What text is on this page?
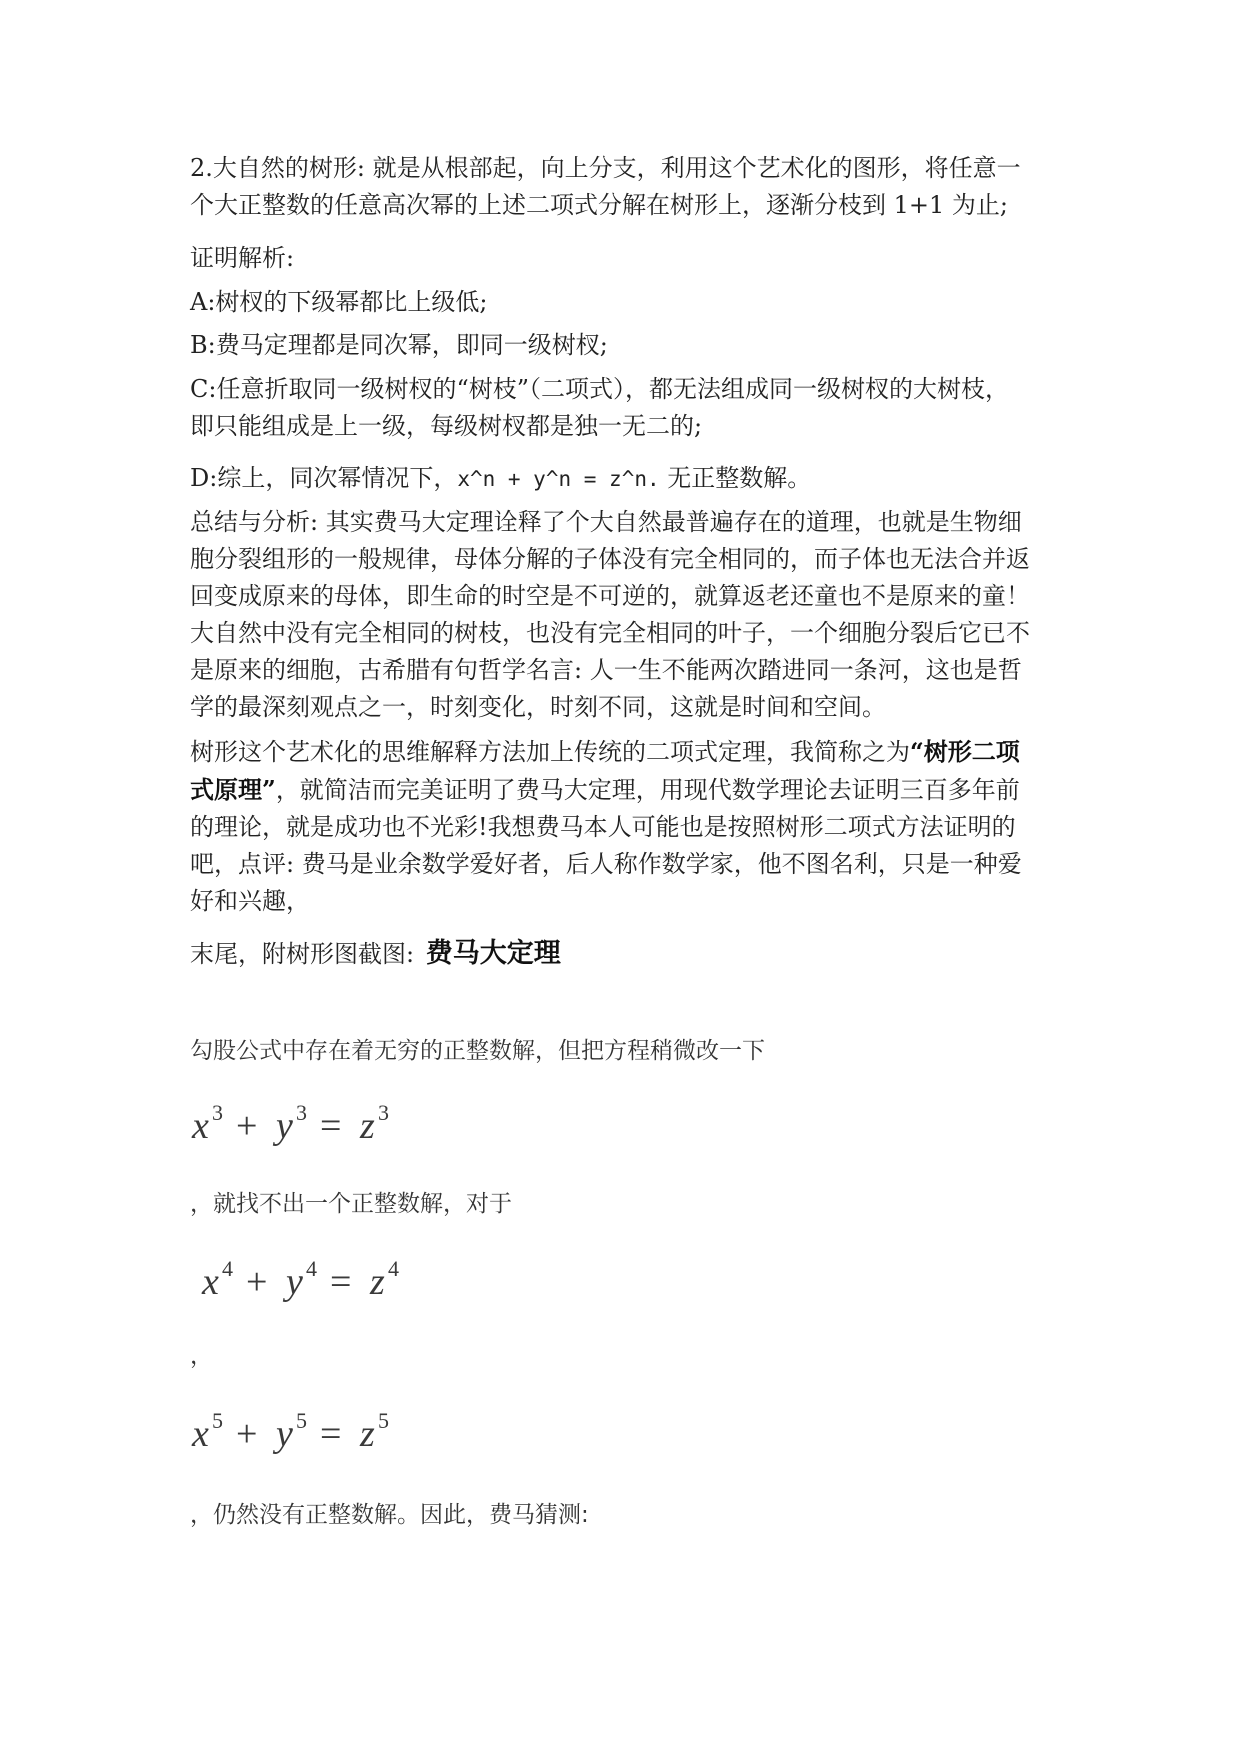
2.大自然的树形: 就是从根部起，向上分支，利用这个艺术化的图形，将任意一
个大正整数的任意高次幂的上述二项式分解在树形上，逐渐分枝到 1+1 为止;

证明解析:

A:树杈的下级幂都比上级低;

B:费马定理都是同次幂，即同一级树杈;

C:任意折取同一级树杈的“树枝”（二项式），都无法组成同一级树杈的大树枝，
即只能组成是上一级，每级树杈都是独一无二的;

D:综上，同次幂情况下，x^n + y^n = z^n. 无正整数解。

总结与分析: 其实费马大定理诠释了个大自然最普遍存在的道理，也就是生物细
胞分裂组形的一般规律，母体分解的子体没有完全相同的，而子体也无法合并返
回变成原来的母体，即生命的时空是不可逆的，就算返老还童也不是原来的童！
大自然中没有完全相同的树枝，也没有完全相同的叶子，一个细胞分裂后它已不
是原来的细胞，古希腊有句哲学名言: 人一生不能两次踏进同一条河，这也是哲
学的最深刻观点之一，时刻变化，时刻不同，这就是时间和空间。

树形这个艺术化的思维解释方法加上传统的二项式定理，我简称之为“树形二项
式原理”，就简洁而完美证明了费马大定理，用现代数学理论去证明三百多年前
的理论，就是成功也不光彩!我想费马本人可能也是按照树形二项式方法证明的
吧，点评: 费马是业余数学爱好者，后人称作数学家，他不图名利，只是一种爱
好和兴趣，

末尾，附树形图截图: 费马大定理

勾股公式中存在着无穷的正整数解，但把方程稍微改一下

x 3 + y 3 = z 3

，就找不出一个正整数解，对于

x 4 + y 4 = z 4

，

x 5 + y 5 = z 5

，仍然没有正整数解。因此，费马猜测:
